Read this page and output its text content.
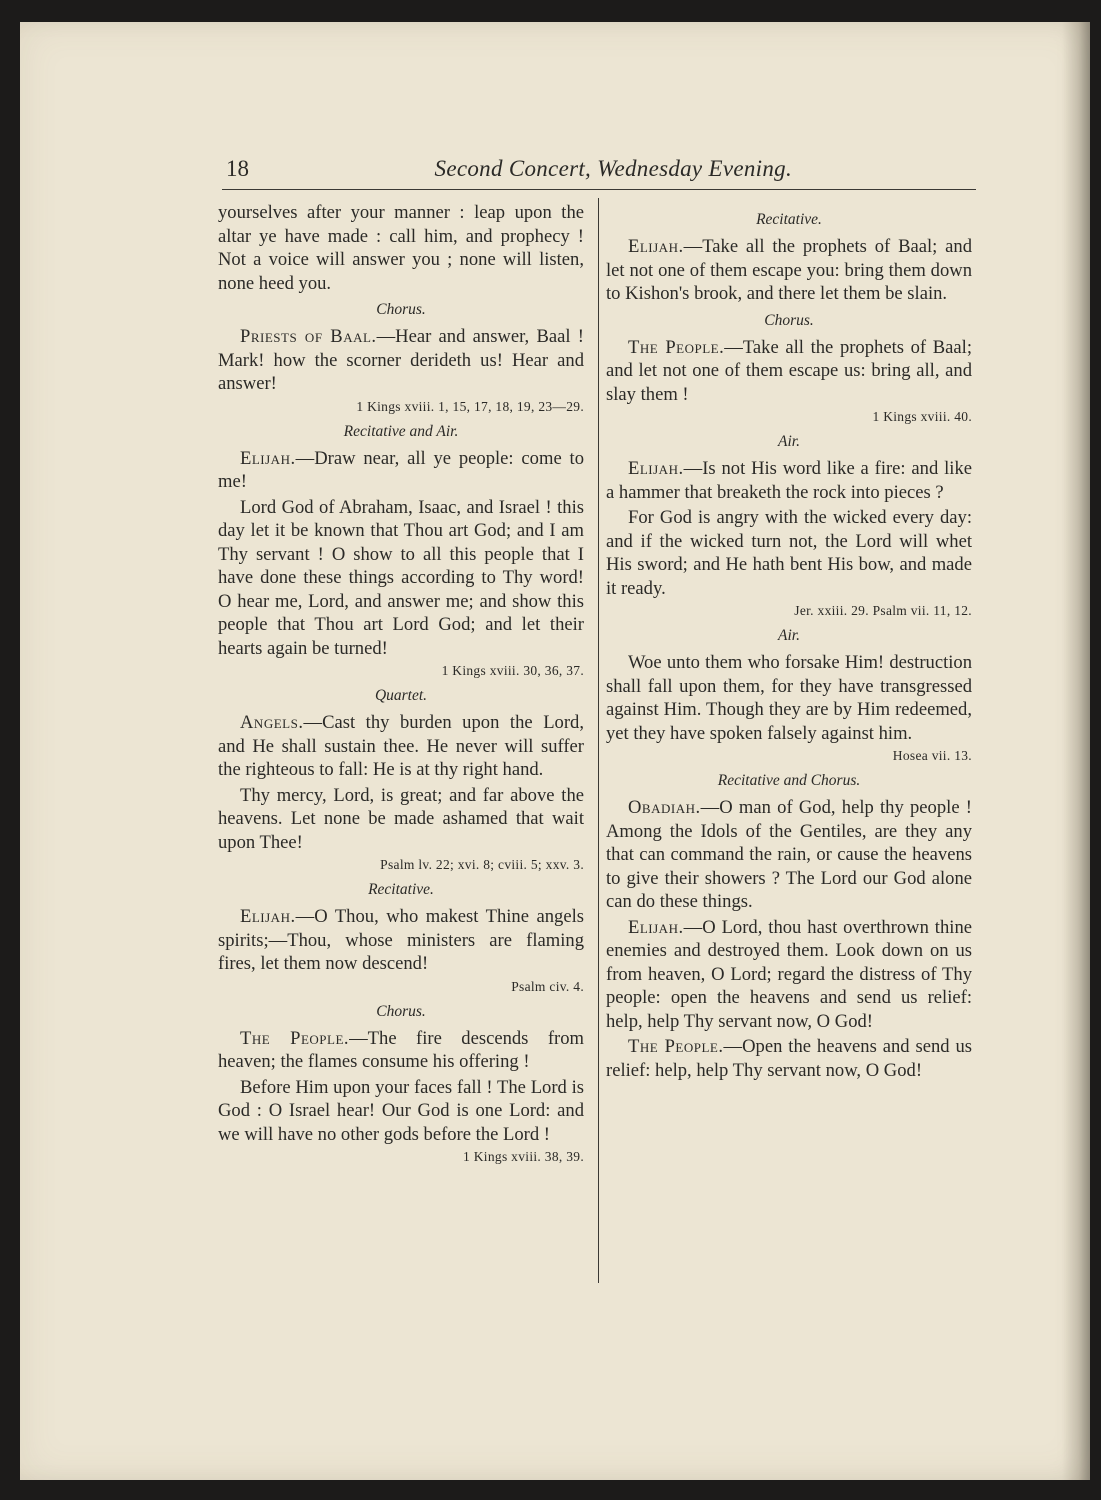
18	Second Concert, Wednesday Evening.

yourselves after your manner : leap upon the altar ye have made : call him, and prophecy ! Not a voice will answer you ; none will listen, none heed you.

Chorus.

Priests of Baal.—Hear and answer, Baal ! Mark! how the scorner derideth us! Hear and answer!

1 Kings xviii. 1, 15, 17, 18, 19, 23—29.
Recitative and Air.

Elijah.—Draw near, all ye people: come to me!

Lord God of Abraham, Isaac, and Israel ! this day let it be known that Thou art God; and I am Thy servant ! O show to all this people that I have done these things according to Thy word! O hear me, Lord, and answer me; and show this people that Thou art Lord God; and let their hearts again be turned!

1 Kings xviii. 30, 36, 37.
Quartet.

Angels.—Cast thy burden upon the Lord, and He shall sustain thee. He never will suffer the righteous to fall: He is at thy right hand.

Thy mercy, Lord, is great; and far above the heavens. Let none be made ashamed that wait upon Thee!

Psalm lv. 22; xvi. 8; cviii. 5; xxv. 3.
Recitative.

Elijah.—O Thou, who makest Thine angels spirits;—Thou, whose ministers are flaming fires, let them now descend!

Psalm civ. 4.
Chorus.

The People.—The fire descends from heaven; the flames consume his offering !

Before Him upon your faces fall ! The Lord is God : O Israel hear! Our God is one Lord: and we will have no other gods before the Lord !

1 Kings xviii. 38, 39.
Recitative.

Elijah.—Take all the prophets of Baal; and let not one of them escape you: bring them down to Kishon's brook, and there let them be slain.

Chorus.

The People.—Take all the prophets of Baal; and let not one of them escape us: bring all, and slay them !

1 Kings xviii. 40.
Air.

Elijah.—Is not His word like a fire: and like a hammer that breaketh the rock into pieces ?

For God is angry with the wicked every day: and if the wicked turn not, the Lord will whet His sword; and He hath bent His bow, and made it ready.

Jer. xxiii. 29. Psalm vii. 11, 12.
Air.

Woe unto them who forsake Him! destruction shall fall upon them, for they have transgressed against Him. Though they are by Him redeemed, yet they have spoken falsely against him.

Hosea vii. 13.
Recitative and Chorus.

Obadiah.—O man of God, help thy people ! Among the Idols of the Gentiles, are they any that can command the rain, or cause the heavens to give their showers ? The Lord our God alone can do these things.

Elijah.—O Lord, thou hast overthrown thine enemies and destroyed them. Look down on us from heaven, O Lord; regard the distress of Thy people: open the heavens and send us relief: help, help Thy servant now, O God!

The People.—Open the heavens and send us relief: help, help Thy servant now, O God!
